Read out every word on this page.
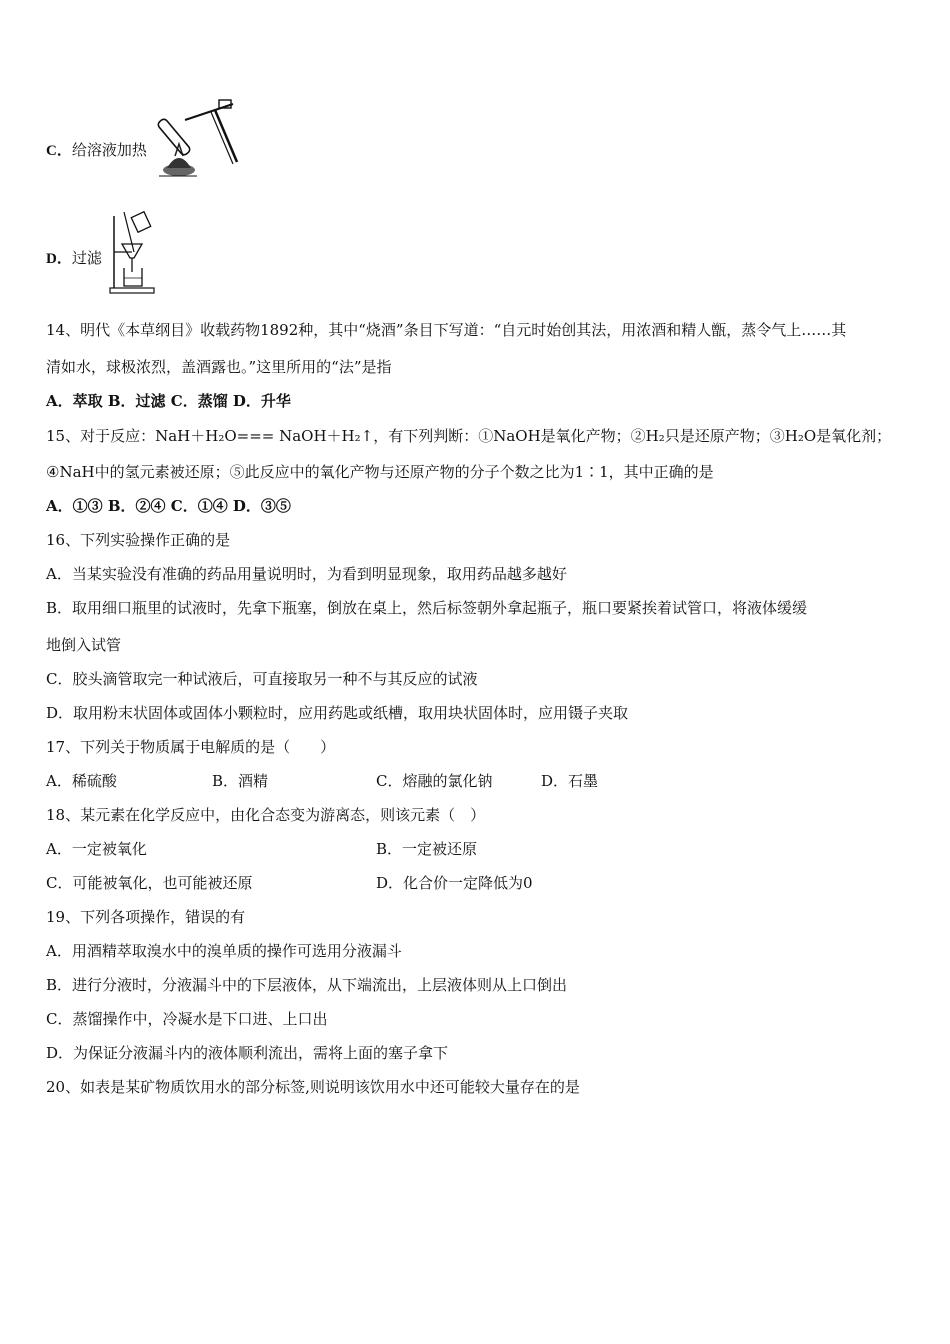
C．给溶液加热
D．过滤
14、明代《本草纲目》收载药物1892种，其中“烧酒”条目下写道：“自元时始创其法，用浓酒和精人甑，蒸令气上……其
清如水，球极浓烈，盖酒露也。”这里所用的“法”是指
A．萃取 B．过滤 C．蒸馏 D．升华
15、对于反应：NaH＋H₂O=== NaOH＋H₂↑，有下列判断：①NaOH是氧化产物；②H₂只是还原产物；③H₂O是氧化剂；
④NaH中的氢元素被还原；⑤此反应中的氧化产物与还原产物的分子个数之比为1∶1，其中正确的是
A．①③ B．②④ C．①④ D．③⑤
16、下列实验操作正确的是
A．当某实验没有准确的药品用量说明时，为看到明显现象，取用药品越多越好
B．取用细口瓶里的试液时，先拿下瓶塞，倒放在桌上，然后标签朝外拿起瓶子，瓶口要紧挨着试管口，将液体缓缓
地倒入试管
C．胶头滴管取完一种试液后，可直接取另一种不与其反应的试液
D．取用粉末状固体或固体小颗粒时，应用药匙或纸槽，取用块状固体时，应用镊子夹取
17、下列关于物质属于电解质的是（　　）
A．稀硫酸	B．酒精	C．熔融的氯化钠	D．石墨
18、某元素在化学反应中，由化合态变为游离态，则该元素（　）
A．一定被氧化	B．一定被还原
C．可能被氧化，也可能被还原	D．化合价一定降低为0
19、下列各项操作，错误的有
A．用酒精萃取溴水中的溴单质的操作可选用分液漏斗
B．进行分液时，分液漏斗中的下层液体，从下端流出，上层液体则从上口倒出
C．蒸馏操作中，冷凝水是下口进、上口出
D．为保证分液漏斗内的液体顺利流出，需将上面的塞子拿下
20、如表是某矿物质饮用水的部分标签,则说明该饮用水中还可能较大量存在的是
